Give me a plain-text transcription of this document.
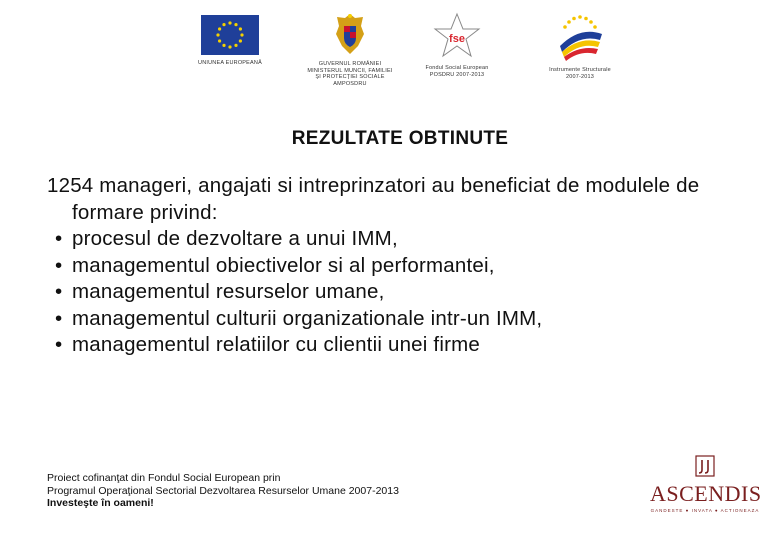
UNIUNEA EUROPEANĂ	GUVERNUL ROMÂNIEI
MINISTERUL MUNCII, FAMILIEI
ŞI PROTECŢIEI SOCIALE
AMPOSDRU
fse
Fondul Social European
POSDRU 2007-2013
Instrumente Structurale
2007-2013
REZULTATE OBTINUTE
1254 manageri, angajati si intreprinzatori au beneficiat de modulele de formare privind:
• procesul de dezvoltare a unui IMM,
• managementul obiectivelor si al performantei,
• managementul resurselor umane,
• managementul culturii organizationale intr-un IMM,
• managementul relatiilor cu clientii unei firme
Proiect cofinanţat din Fondul Social European prin
Programul Operaţional Sectorial Dezvoltarea Resurselor Umane 2007-2013
Investeşte în oameni!	ASCENDIS
GANDESTE ● INVATA ● ACTIONEAZA
